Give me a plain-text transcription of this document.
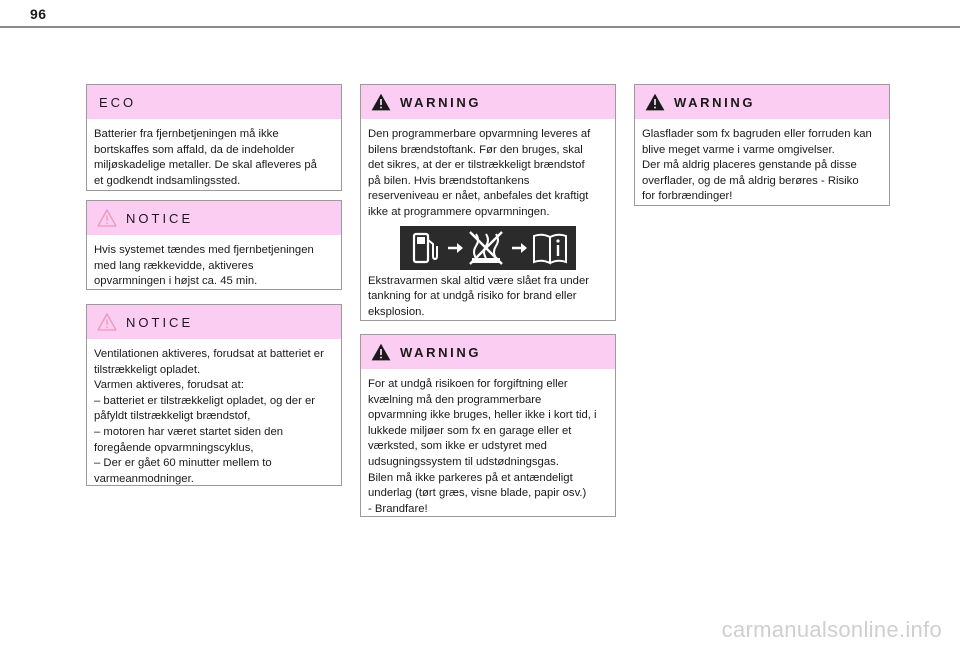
96
ECO
Batterier fra fjernbetjeningen må ikke
bortskaffes som affald, da de indeholder
miljøskadelige metaller. De skal afleveres på
et godkendt indsamlingssted.
NOTICE
Hvis systemet tændes med fjernbetjeningen
med lang rækkevidde, aktiveres
opvarmningen i højst ca. 45 min.
NOTICE
Ventilationen aktiveres, forudsat at batteriet er
tilstrækkeligt opladet.
Varmen aktiveres, forudsat at:
– batteriet er tilstrækkeligt opladet, og der er
påfyldt tilstrækkeligt brændstof,
– motoren har været startet siden den
foregående opvarmningscyklus,
– Der er gået 60 minutter mellem to
varmeanmodninger.
WARNING
Den programmerbare opvarmning leveres af
bilens brændstoftank. Før den bruges, skal
det sikres, at der er tilstrækkeligt brændstof
på bilen. Hvis brændstoftankens
reserveniveau er nået, anbefales det kraftigt
ikke at programmere opvarmningen.
Ekstravarmen skal altid være slået fra under
tankning for at undgå risiko for brand eller
eksplosion.
WARNING
For at undgå risikoen for forgiftning eller
kvælning må den programmerbare
opvarmning ikke bruges, heller ikke i kort tid, i
lukkede miljøer som fx en garage eller et
værksted, som ikke er udstyret med
udsugningssystem til udstødningsgas.
Bilen må ikke parkeres på et antændeligt
underlag (tørt græs, visne blade, papir osv.)
- Brandfare!
WARNING
Glasflader som fx bagruden eller forruden kan
blive meget varme i varme omgivelser.
Der må aldrig placeres genstande på disse
overflader, og de må aldrig berøres - Risiko
for forbrændinger!
carmanualsonline.info
